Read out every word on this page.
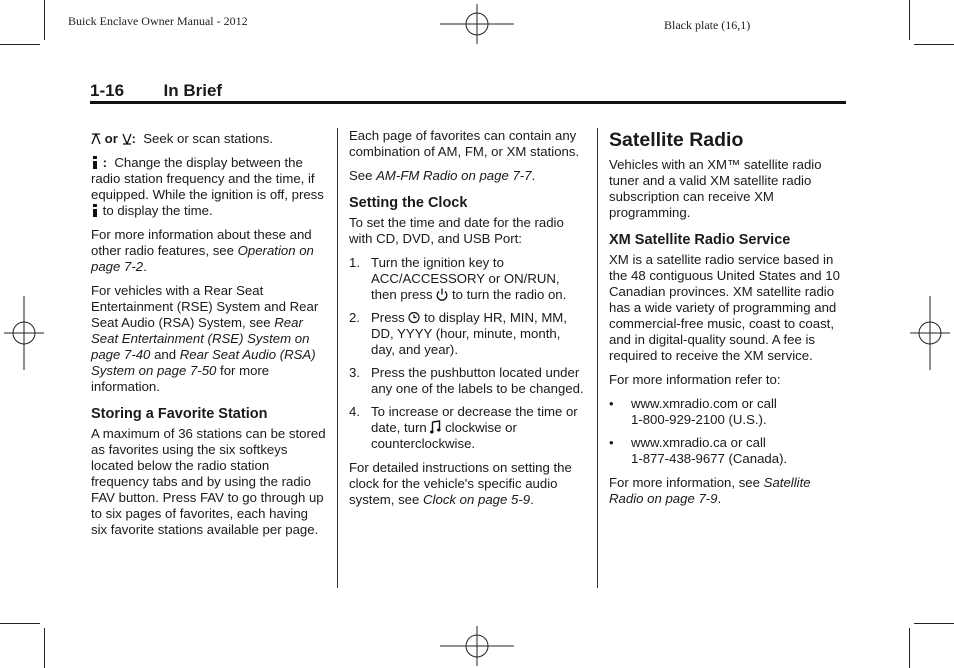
Buick Enclave Owner Manual - 2012	Black plate (16,1)
1-16 In Brief

or : Seek or scan stations.

: Change the display between the radio station frequency and the time, if equipped. While the ignition is off, press  to display the time.

For more information about these and other radio features, see Operation on page 7-2.

For vehicles with a Rear Seat Entertainment (RSE) System and Rear Seat Audio (RSA) System, see Rear Seat Entertainment (RSE) System on page 7-40 and Rear Seat Audio (RSA) System on page 7-50 for more information.

Storing a Favorite Station

A maximum of 36 stations can be stored as favorites using the six softkeys located below the radio station frequency tabs and by using the radio FAV button. Press FAV to go through up to six pages of favorites, each having six favorite stations available per page.

Each page of favorites can contain any combination of AM, FM, or XM stations.

See AM-FM Radio on page 7-7.

Setting the Clock

To set the time and date for the radio with CD, DVD, and USB Port:

1. Turn the ignition key to ACC/ACCESSORY or ON/RUN, then press to turn the radio on.
2. Press to display HR, MIN, MM, DD, YYYY (hour, minute, month, day, and year).
3. Press the pushbutton located under any one of the labels to be changed.
4. To increase or decrease the time or date, turn clockwise or counterclockwise.

For detailed instructions on setting the clock for the vehicle's specific audio system, see Clock on page 5-9.

Satellite Radio

Vehicles with an XM™ satellite radio tuner and a valid XM satellite radio subscription can receive XM programming.

XM Satellite Radio Service

XM is a satellite radio service based in the 48 contiguous United States and 10 Canadian provinces. XM satellite radio has a wide variety of programming and commercial-free music, coast to coast, and in digital-quality sound. A fee is required to receive the XM service.

For more information refer to:

• www.xmradio.com or call
1-800-929-2100 (U.S.).
• www.xmradio.ca or call
1-877-438-9677 (Canada).

For more information, see Satellite Radio on page 7-9.
